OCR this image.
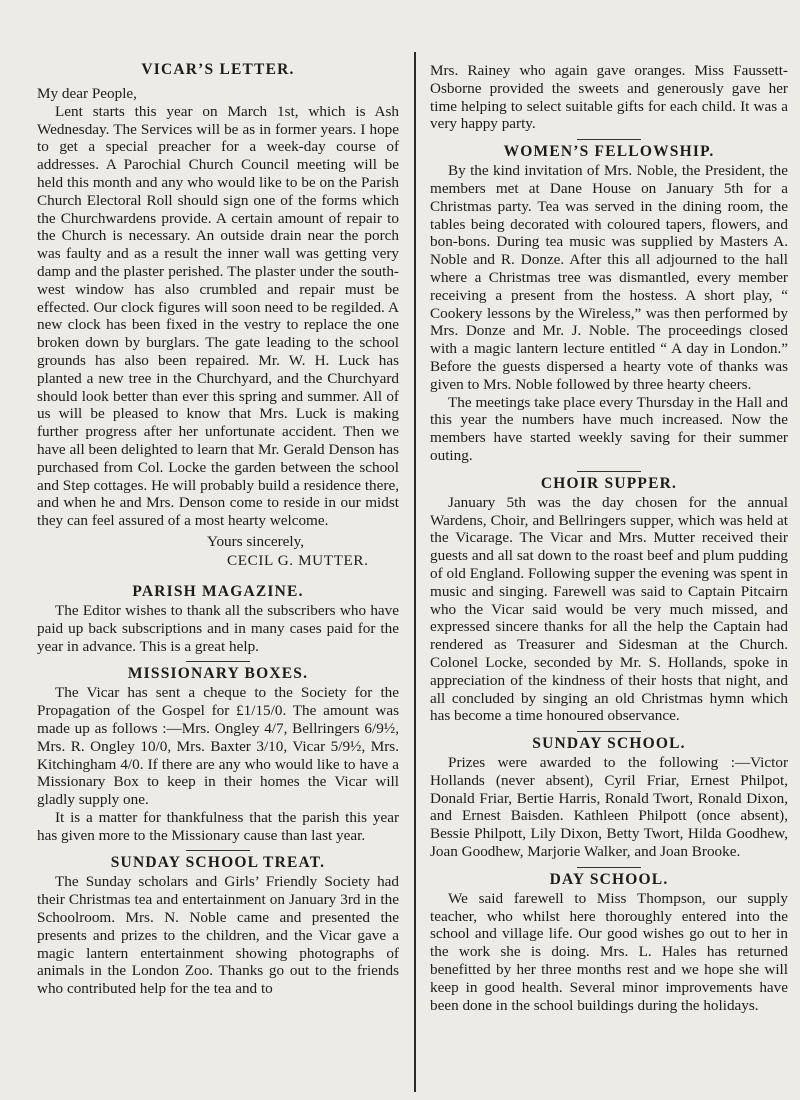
VICAR’S LETTER.
My dear People,

Lent starts this year on March 1st, which is Ash Wednesday. The Services will be as in former years. I hope to get a special preacher for a week-day course of addresses. A Parochial Church Council meeting will be held this month and any who would like to be on the Parish Church Electoral Roll should sign one of the forms which the Churchwardens provide. A certain amount of repair to the Church is necessary. An outside drain near the porch was faulty and as a result the inner wall was getting very damp and the plaster perished. The plaster under the south-west window has also crumbled and repair must be effected. Our clock figures will soon need to be regilded. A new clock has been fixed in the vestry to replace the one broken down by burglars. The gate leading to the school grounds has also been repaired. Mr. W. H. Luck has planted a new tree in the Churchyard, and the Churchyard should look better than ever this spring and summer. All of us will be pleased to know that Mrs. Luck is making further progress after her unfortunate accident. Then we have all been delighted to learn that Mr. Gerald Denson has purchased from Col. Locke the garden between the school and Step cottages. He will probably build a residence there, and when he and Mrs. Denson come to reside in our midst they can feel assured of a most hearty welcome.

Yours sincerely,
CECIL G. MUTTER.
PARISH MAGAZINE.

The Editor wishes to thank all the subscribers who have paid up back subscriptions and in many cases paid for the year in advance. This is a great help.

MISSIONARY BOXES.

The Vicar has sent a cheque to the Society for the Propagation of the Gospel for £1/15/0. The amount was made up as follows :—Mrs. Ongley 4/7, Bellringers 6/9½, Mrs. R. Ongley 10/0, Mrs. Baxter 3/10, Vicar 5/9½, Mrs. Kitchingham 4/0. If there are any who would like to have a Missionary Box to keep in their homes the Vicar will gladly supply one.

It is a matter for thankfulness that the parish this year has given more to the Missionary cause than last year.

SUNDAY SCHOOL TREAT.

The Sunday scholars and Girls’ Friendly Society had their Christmas tea and entertainment on January 3rd in the Schoolroom. Mrs. N. Noble came and presented the presents and prizes to the children, and the Vicar gave a magic lantern entertainment showing photographs of animals in the London Zoo. Thanks go out to the friends who contributed help for the tea and to

Mrs. Rainey who again gave oranges. Miss Faussett-Osborne provided the sweets and generously gave her time helping to select suitable gifts for each child. It was a very happy party.

WOMEN’S FELLOWSHIP.

By the kind invitation of Mrs. Noble, the President, the members met at Dane House on January 5th for a Christmas party. Tea was served in the dining room, the tables being decorated with coloured tapers, flowers, and bon-bons. During tea music was supplied by Masters A. Noble and R. Donze. After this all adjourned to the hall where a Christmas tree was dismantled, every member receiving a present from the hostess. A short play, “ Cookery lessons by the Wireless,” was then performed by Mrs. Donze and Mr. J. Noble. The proceedings closed with a magic lantern lecture entitled “ A day in London.” Before the guests dispersed a hearty vote of thanks was given to Mrs. Noble followed by three hearty cheers.

The meetings take place every Thursday in the Hall and this year the numbers have much increased. Now the members have started weekly saving for their summer outing.

CHOIR SUPPER.

January 5th was the day chosen for the annual Wardens, Choir, and Bellringers supper, which was held at the Vicarage. The Vicar and Mrs. Mutter received their guests and all sat down to the roast beef and plum pudding of old England. Following supper the evening was spent in music and singing. Farewell was said to Captain Pitcairn who the Vicar said would be very much missed, and expressed sincere thanks for all the help the Captain had rendered as Treasurer and Sidesman at the Church. Colonel Locke, seconded by Mr. S. Hollands, spoke in appreciation of the kindness of their hosts that night, and all concluded by singing an old Christmas hymn which has become a time honoured observance.

SUNDAY SCHOOL.

Prizes were awarded to the following :—Victor Hollands (never absent), Cyril Friar, Ernest Philpot, Donald Friar, Bertie Harris, Ronald Twort, Ronald Dixon, and Ernest Baisden. Kathleen Philpott (once absent), Bessie Philpott, Lily Dixon, Betty Twort, Hilda Goodhew, Joan Goodhew, Marjorie Walker, and Joan Brooke.

DAY SCHOOL.

We said farewell to Miss Thompson, our supply teacher, who whilst here thoroughly entered into the school and village life. Our good wishes go out to her in the work she is doing. Mrs. L. Hales has returned benefitted by her three months rest and we hope she will keep in good health. Several minor improvements have been done in the school buildings during the holidays.
